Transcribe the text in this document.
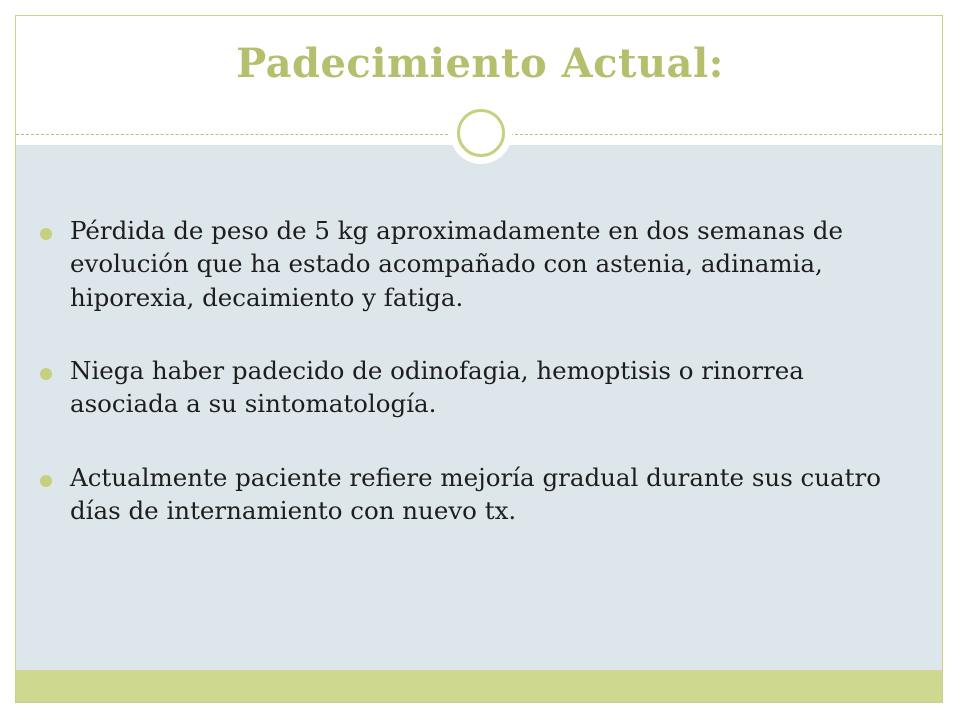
Padecimiento Actual:
Pérdida de peso de 5 kg aproximadamente en dos semanas de evolución que ha estado acompañado con astenia, adinamia, hiporexia, decaimiento y fatiga.
Niega haber padecido de odinofagia, hemoptisis o rinorrea asociada a su sintomatología.
Actualmente paciente refiere mejoría gradual durante sus cuatro días de internamiento con nuevo tx.
